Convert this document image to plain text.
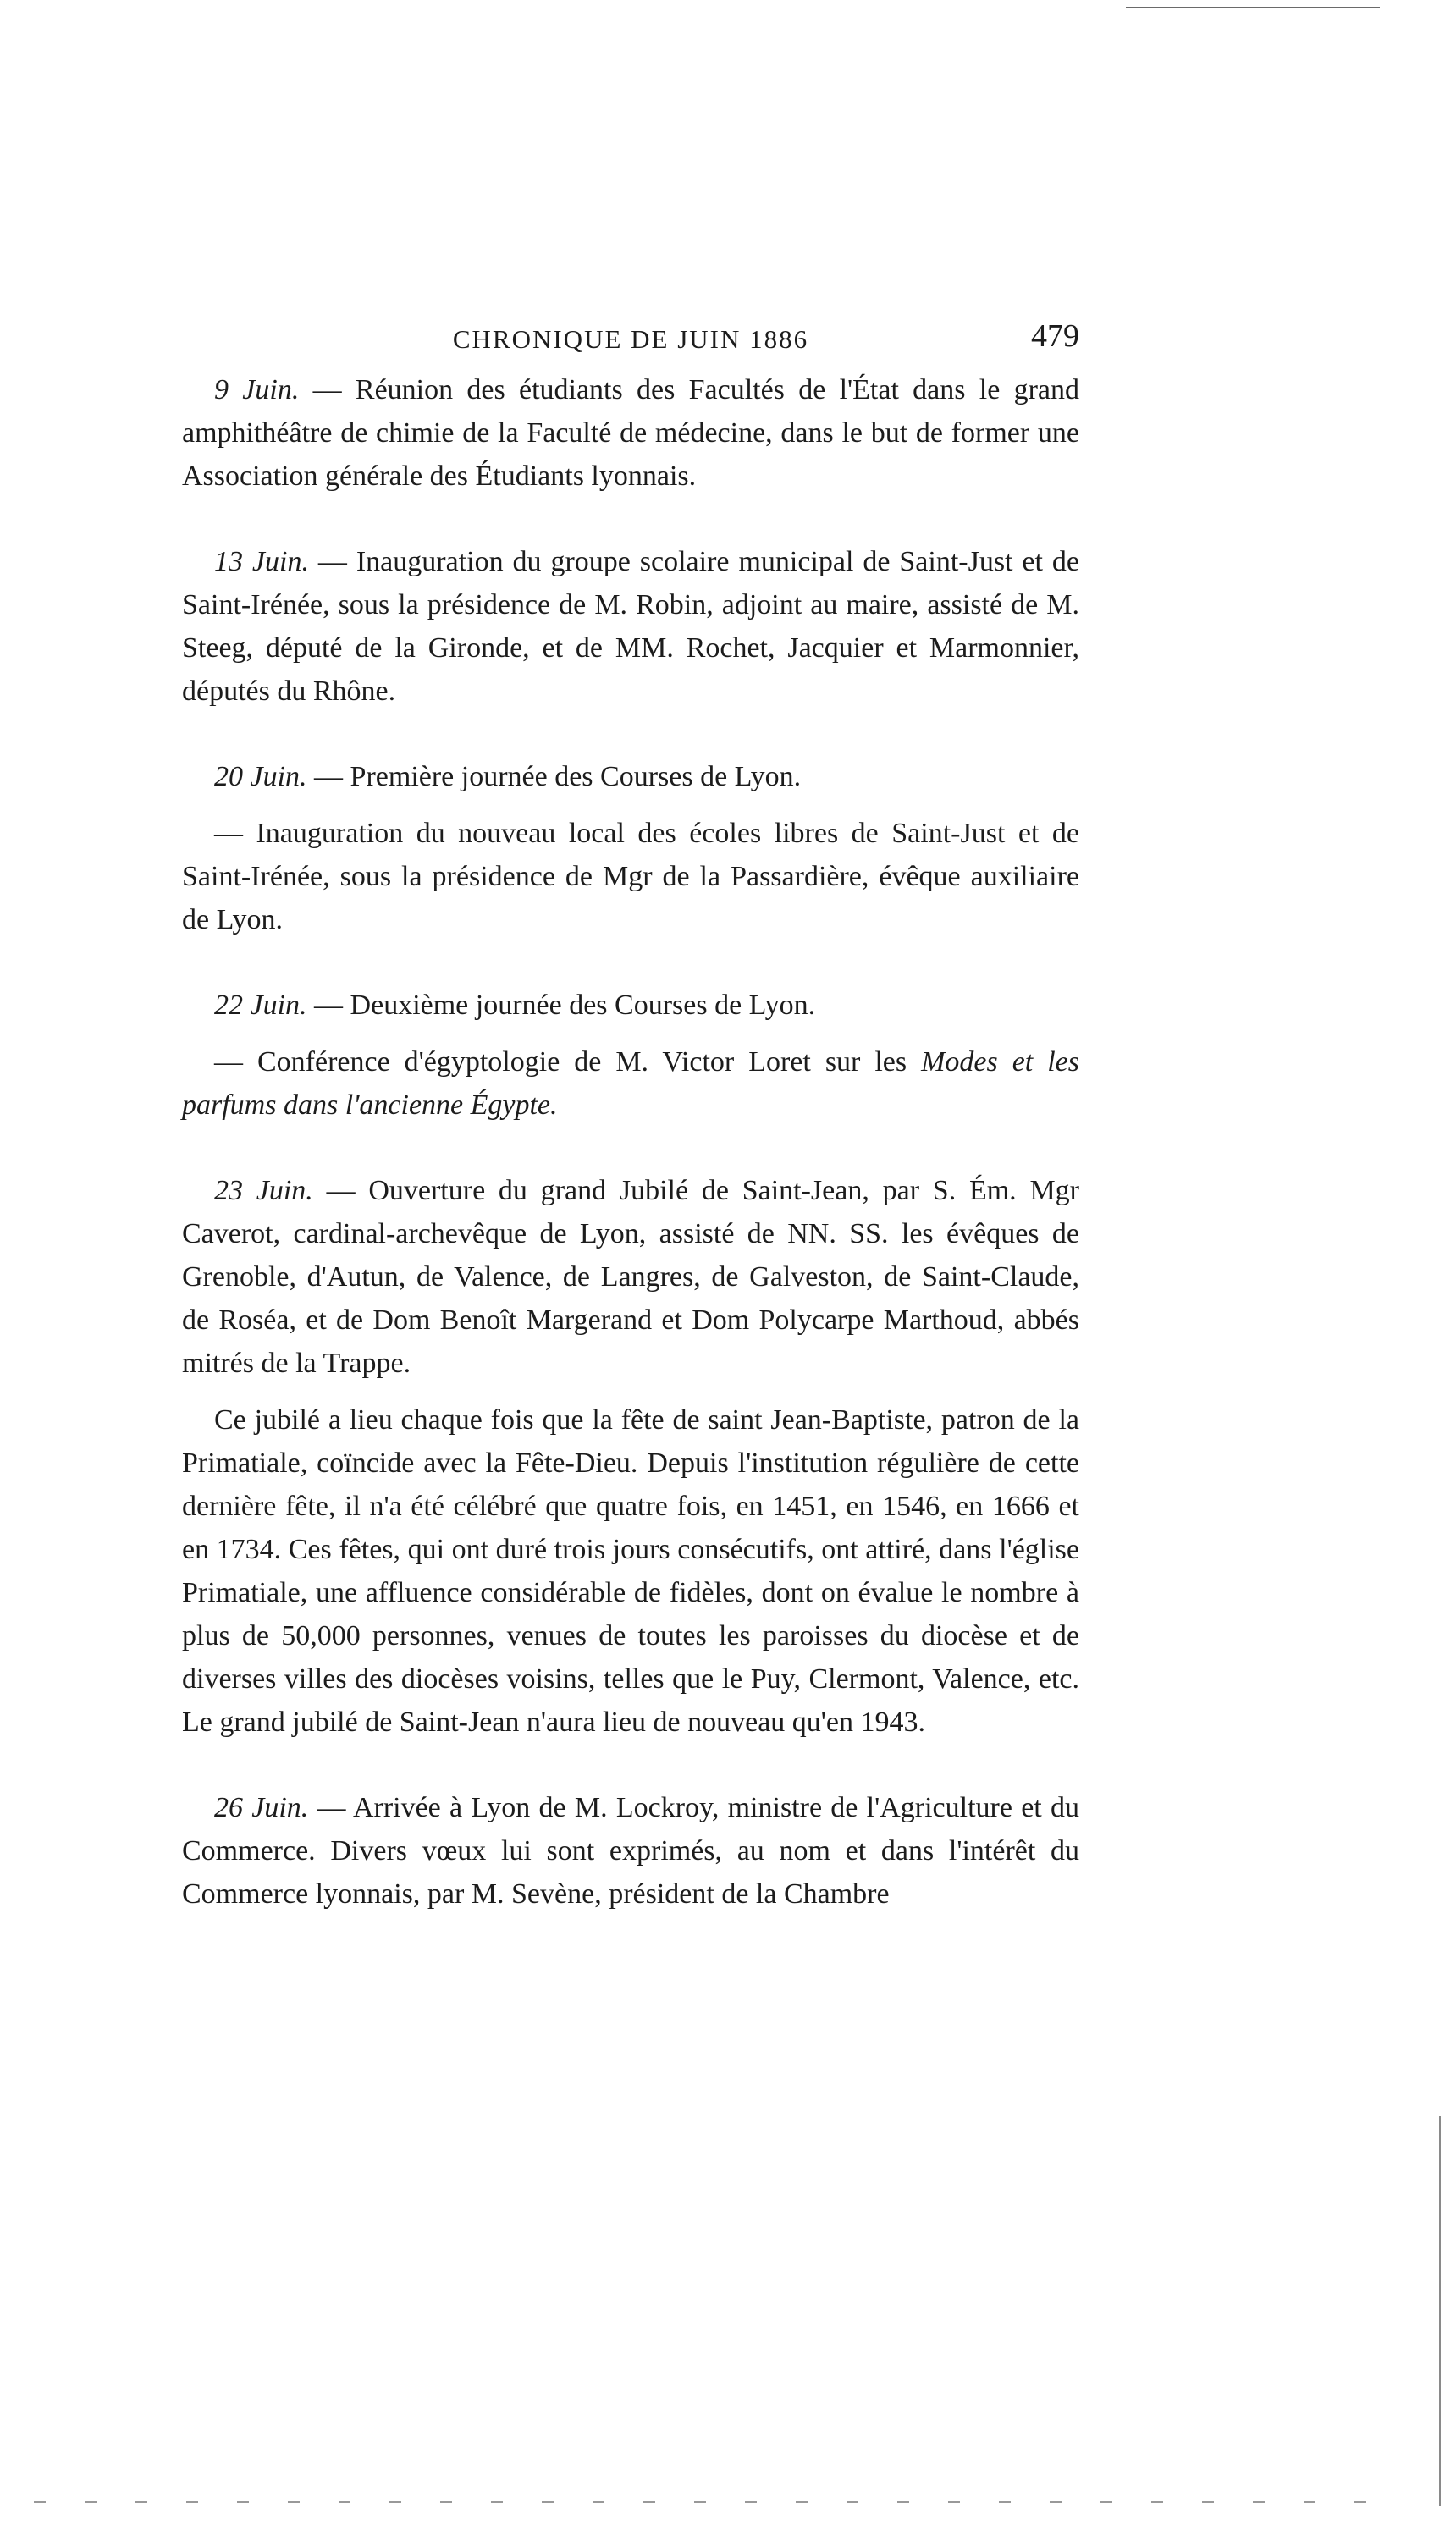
CHRONIQUE DE JUIN 1886	479

9 Juin. — Réunion des étudiants des Facultés de l'État dans le grand amphithéâtre de chimie de la Faculté de médecine, dans le but de former une Association générale des Étudiants lyonnais.

13 Juin. — Inauguration du groupe scolaire municipal de Saint-Just et de Saint-Irénée, sous la présidence de M. Robin, adjoint au maire, assisté de M. Steeg, député de la Gironde, et de MM. Rochet, Jacquier et Marmonnier, députés du Rhône.

20 Juin. — Première journée des Courses de Lyon.

— Inauguration du nouveau local des écoles libres de Saint-Just et de Saint-Irénée, sous la présidence de Mgr de la Passardière, évêque auxiliaire de Lyon.

22 Juin. — Deuxième journée des Courses de Lyon.

— Conférence d'égyptologie de M. Victor Loret sur les Modes et les parfums dans l'ancienne Égypte.

23 Juin. — Ouverture du grand Jubilé de Saint-Jean, par S. Ém. Mgr Caverot, cardinal-archevêque de Lyon, assisté de NN. SS. les évêques de Grenoble, d'Autun, de Valence, de Langres, de Galveston, de Saint-Claude, de Roséa, et de Dom Benoît Margerand et Dom Polycarpe Marthoud, abbés mitrés de la Trappe.

Ce jubilé a lieu chaque fois que la fête de saint Jean-Baptiste, patron de la Primatiale, coïncide avec la Fête-Dieu. Depuis l'institution régulière de cette dernière fête, il n'a été célébré que quatre fois, en 1451, en 1546, en 1666 et en 1734. Ces fêtes, qui ont duré trois jours consécutifs, ont attiré, dans l'église Primatiale, une affluence considérable de fidèles, dont on évalue le nombre à plus de 50,000 personnes, venues de toutes les paroisses du diocèse et de diverses villes des diocèses voisins, telles que le Puy, Clermont, Valence, etc. Le grand jubilé de Saint-Jean n'aura lieu de nouveau qu'en 1943.

26 Juin. — Arrivée à Lyon de M. Lockroy, ministre de l'Agriculture et du Commerce. Divers vœux lui sont exprimés, au nom et dans l'intérêt du Commerce lyonnais, par M. Sevène, président de la Chambre
